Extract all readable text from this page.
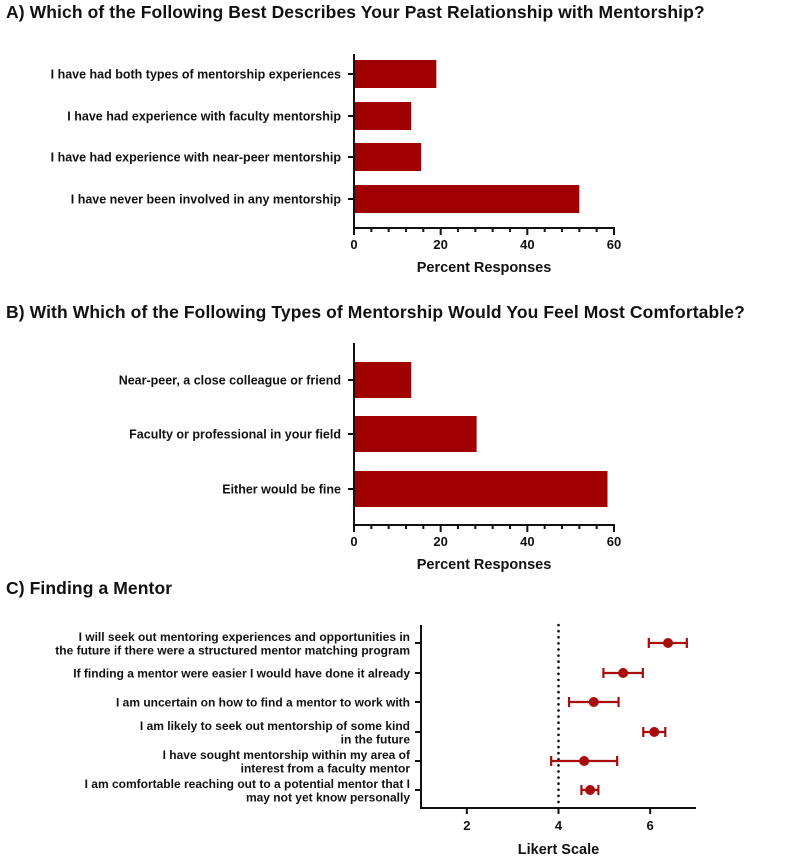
A) Which of the Following Best Describes Your Past Relationship with Mentorship?
B) With Which of the Following Types of Mentorship Would You Feel Most Comfortable?
C) Finding a Mentor
I have had both types of mentorship experiences
I have had experience with faculty mentorship
I have had experience with near-peer mentorship
I have never been involved in any mentorship
0	20	40	60
Percent Responses
Near-peer, a close colleague or friend
Faculty or professional in your field
Either would be fine
0	20	40	60
Percent Responses
I will seek out mentoring experiences and opportunities in
the future if there were a structured mentor matching program
If finding a mentor were easier I would have done it already
I am uncertain on how to find a mentor to work with
I am likely to seek out mentorship of some kind
in the future
I have sought mentorship within my area of
interest from a faculty mentor
I am comfortable reaching out to a potential mentor that I
may not yet know personally
2	4	6
Likert Scale
